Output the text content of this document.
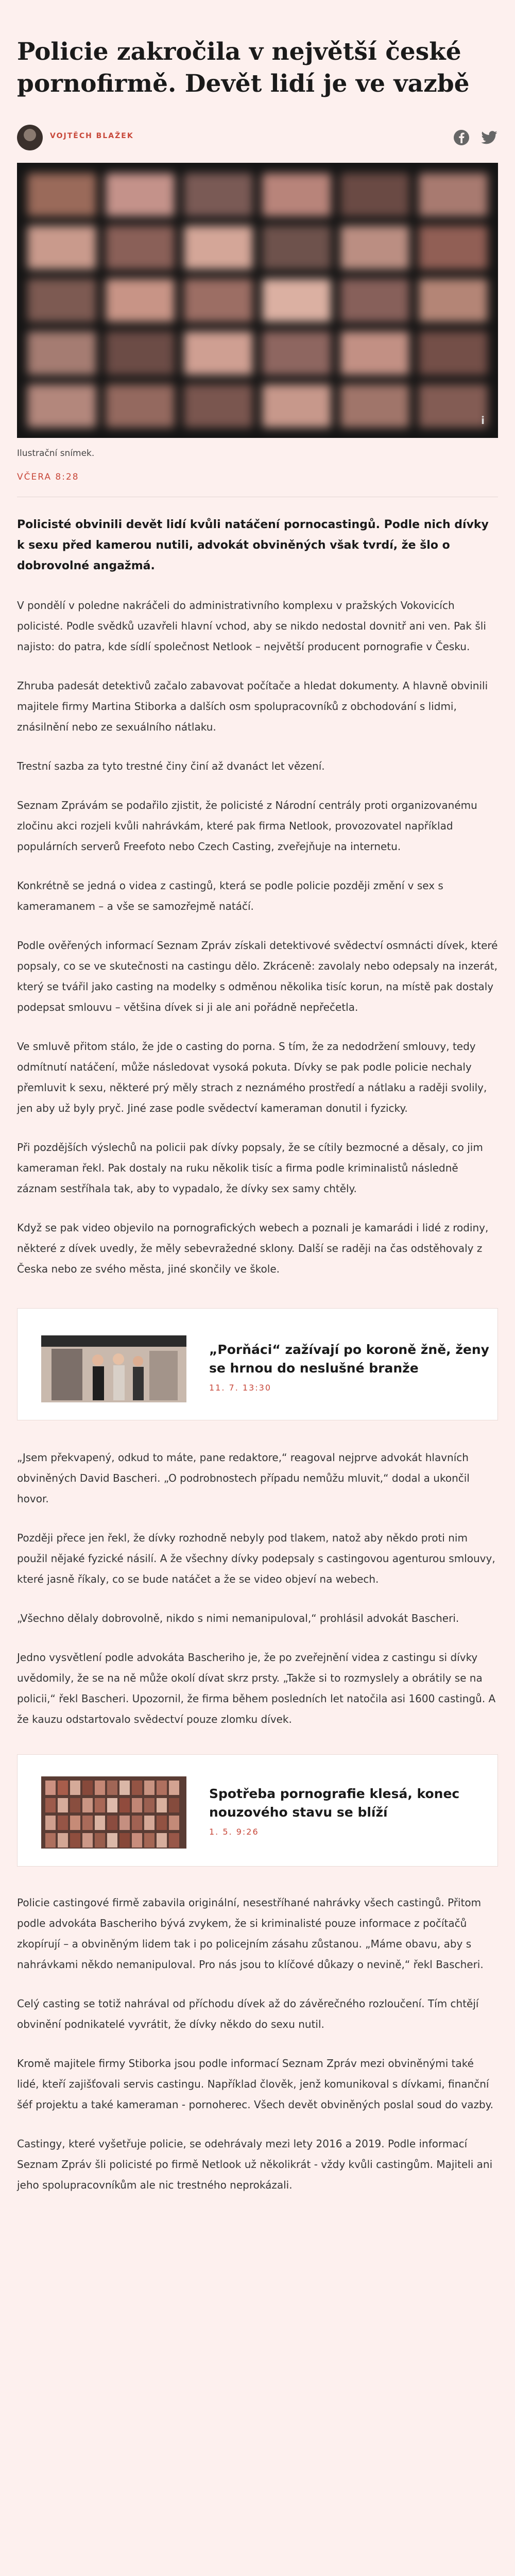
Policie zakročila v největší české pornofirmě. Devět lidí je ve vazbě
VOJTĚCH BLAŽEK
i
Ilustrační snímek.
VČERA 8:28
Policisté obvinili devět lidí kvůli natáčení pornocastingů. Podle nich dívky k sexu před kamerou nutili, advokát obviněných však tvrdí, že šlo o dobrovolné angažmá.

V pondělí v poledne nakráčeli do administrativního komplexu v pražských Vokovicích policisté. Podle svědků uzavřeli hlavní vchod, aby se nikdo nedostal dovnitř ani ven. Pak šli najisto: do patra, kde sídlí společnost Netlook – největší producent pornografie v Česku.

Zhruba padesát detektivů začalo zabavovat počítače a hledat dokumenty. A hlavně obvinili majitele firmy Martina Stiborka a dalších osm spolupracovníků z obchodování s lidmi, znásilnění nebo ze sexuálního nátlaku.

Trestní sazba za tyto trestné činy činí až dvanáct let vězení.

Seznam Zprávám se podařilo zjistit, že policisté z Národní centrály proti organizovanému zločinu akci rozjeli kvůli nahrávkám, které pak firma Netlook, provozovatel například populárních serverů Freefoto nebo Czech Casting, zveřejňuje na internetu.

Konkrétně se jedná o videa z castingů, která se podle policie později změní v sex s kameramanem – a vše se samozřejmě natáčí.

Podle ověřených informací Seznam Zpráv získali detektivové svědectví osmnácti dívek, které popsaly, co se ve skutečnosti na castingu dělo. Zkráceně: zavolaly nebo odepsaly na inzerát, který se tvářil jako casting na modelky s odměnou několika tisíc korun, na místě pak dostaly podepsat smlouvu – většina dívek si ji ale ani pořádně nepřečetla.

Ve smluvě přitom stálo, že jde o casting do porna. S tím, že za nedodržení smlouvy, tedy odmítnutí natáčení, může následovat vysoká pokuta. Dívky se pak podle policie nechaly přemluvit k sexu, některé prý měly strach z neznámého prostředí a nátlaku a raději svolily, jen aby už byly pryč. Jiné zase podle svědectví kameraman donutil i fyzicky.

Při pozdějších výslechů na policii pak dívky popsaly, že se cítily bezmocné a děsaly, co jim kameraman řekl. Pak dostaly na ruku několik tisíc a firma podle kriminalistů následně záznam sestříhala tak, aby to vypadalo, že dívky sex samy chtěly.

Když se pak video objevilo na pornografických webech a poznali je kamarádi i lidé z rodiny, některé z dívek uvedly, že měly sebevražedné sklony. Další se raději na čas odstěhovaly z Česka nebo ze svého města, jiné skončily ve škole.

„Porňáci“ zažívají po koroně žně, ženy se hrnou do neslušné branže
11. 7. 13:30

„Jsem překvapený, odkud to máte, pane redaktore,“ reagoval nejprve advokát hlavních obviněných David Bascheri. „O podrobnostech případu nemůžu mluvit,“ dodal a ukončil hovor.

Později přece jen řekl, že dívky rozhodně nebyly pod tlakem, natož aby někdo proti nim použil nějaké fyzické násilí. A že všechny dívky podepsaly s castingovou agenturou smlouvy, které jasně říkaly, co se bude natáčet a že se video objeví na webech.

„Všechno dělaly dobrovolně, nikdo s nimi nemanipuloval,“ prohlásil advokát Bascheri.

Jedno vysvětlení podle advokáta Bascheriho je, že po zveřejnění videa z castingu si dívky uvědomily, že se na ně může okolí dívat skrz prsty. „Takže si to rozmyslely a obrátily se na policii,“ řekl Bascheri. Upozornil, že firma během posledních let natočila asi 1600 castingů. A že kauzu odstartovalo svědectví pouze zlomku dívek.

Spotřeba pornografie klesá, konec nouzového stavu se blíží
1. 5. 9:26

Policie castingové firmě zabavila originální, nesestříhané nahrávky všech castingů. Přitom podle advokáta Bascheriho bývá zvykem, že si kriminalisté pouze informace z počítačů zkopírují – a obviněným lidem tak i po policejním zásahu zůstanou. „Máme obavu, aby s nahrávkami někdo nemanipuloval. Pro nás jsou to klíčové důkazy o nevině,“ řekl Bascheri.

Celý casting se totiž nahrával od příchodu dívek až do závěrečného rozloučení. Tím chtějí obvinění podnikatelé vyvrátit, že dívky někdo do sexu nutil.

Kromě majitele firmy Stiborka jsou podle informací Seznam Zpráv mezi obviněnými také lidé, kteří zajišťovali servis castingu. Například člověk, jenž komunikoval s dívkami, finanční šéf projektu a také kameraman - pornoherec. Všech devět obviněných poslal soud do vazby.

Castingy, které vyšetřuje policie, se odehrávaly mezi lety 2016 a 2019. Podle informací Seznam Zpráv šli policisté po firmě Netlook už několikrát - vždy kvůli castingům. Majiteli ani jeho spolupracovníkům ale nic trestného neprokázali.
